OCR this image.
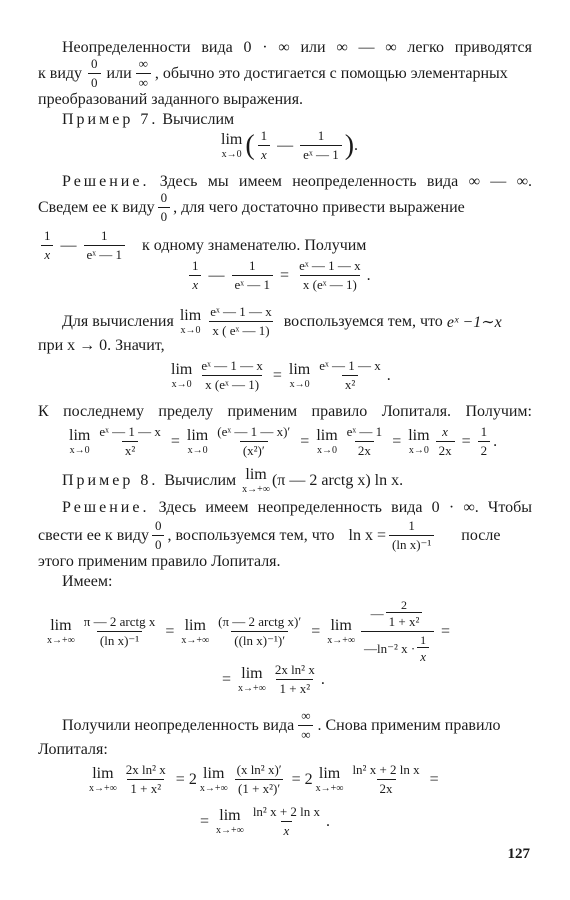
Неопределенности вида 0 · ∞ или ∞ — ∞ легко приводятся

к виду
0
0
или
∞
∞
, обычно это достигается с помощью элементарных

преобразований заданного выражения.

Пример 7. Вычислим

lim
x→0 ( 1
x
—
1
eˣ — 1 ) .

Решение. Здесь мы имеем неопределенность вида ∞ — ∞.

Сведем ее к виду
0
0
, для чего достаточно привести выражение
1
x
—
1
eˣ — 1
к одному знаменателю. Получим
1
x
— $\frac{1}{\text{eˣ — 1}} = \frac{\text{eˣ — 1 — x}}{\text{x (eˣ — 1)}}$ .
Для вычисления lim
x→0
eˣ — 1 — x
x ( eˣ — 1)
воспользуемся тем, что eˣ −1∼x

при x → 0. Значит,

lim
$x\to 0 \frac{\text{eˣ — 1 — x}}{\text{x (eˣ — 1)}} = \lim$
x→0
eˣ — 1 — x
x²
.

К последнему пределу применим правило Лопиталя. Получим:

lim
$x\to 0 \frac{\text{eˣ — 1 — x}}{\text{x²}} = \lim$
$x\to 0 \frac{\text{(eˣ — 1 — x)′}}{\text{(x²)′}} = \lim$
$x\to 0 \frac{\text{eˣ — 1}}{2x} = \lim$
$x\to 0 \frac{x}{2x} = \frac{1}{2}$ .
Пример 8. Вычислим lim
x→+∞
(π — 2 arctg x) ln x.

Решение. Здесь имеем неопределенность вида 0 · ∞. Чтобы

свести ее к виду
0
0
, воспользуемся тем, что $\ln x = \frac{1}{\text{(ln x)⁻¹}}$ после

этого применим правило Лопиталя.

Имеем:

lim
x→+∞
π — 2 arctg x
(ln x)⁻¹
= lim
x→+∞
(π — 2 arctg x)′
((ln x)⁻¹)′
= lim
x→+∞ —
2
1 + x²
—ln⁻² x ·
1
x =
= lim
x→+∞
2x ln² x
1 + x²
.
Получили неопределенность вида
∞
∞
. Снова применим правило

Лопиталя:

lim
$x\to+\infty \frac{\text{2x ln² x}}{\text{1 + x²}} = 2$ lim
$x\to+\infty \frac{\text{(x ln² x)′}}{\text{(1 + x²)′}} = 2$ lim
$x\to+\infty \frac{\text{ln² x + 2 ln x}}{2x}$ =
= lim
x→+∞
ln² x + 2 ln x
x
.
127
